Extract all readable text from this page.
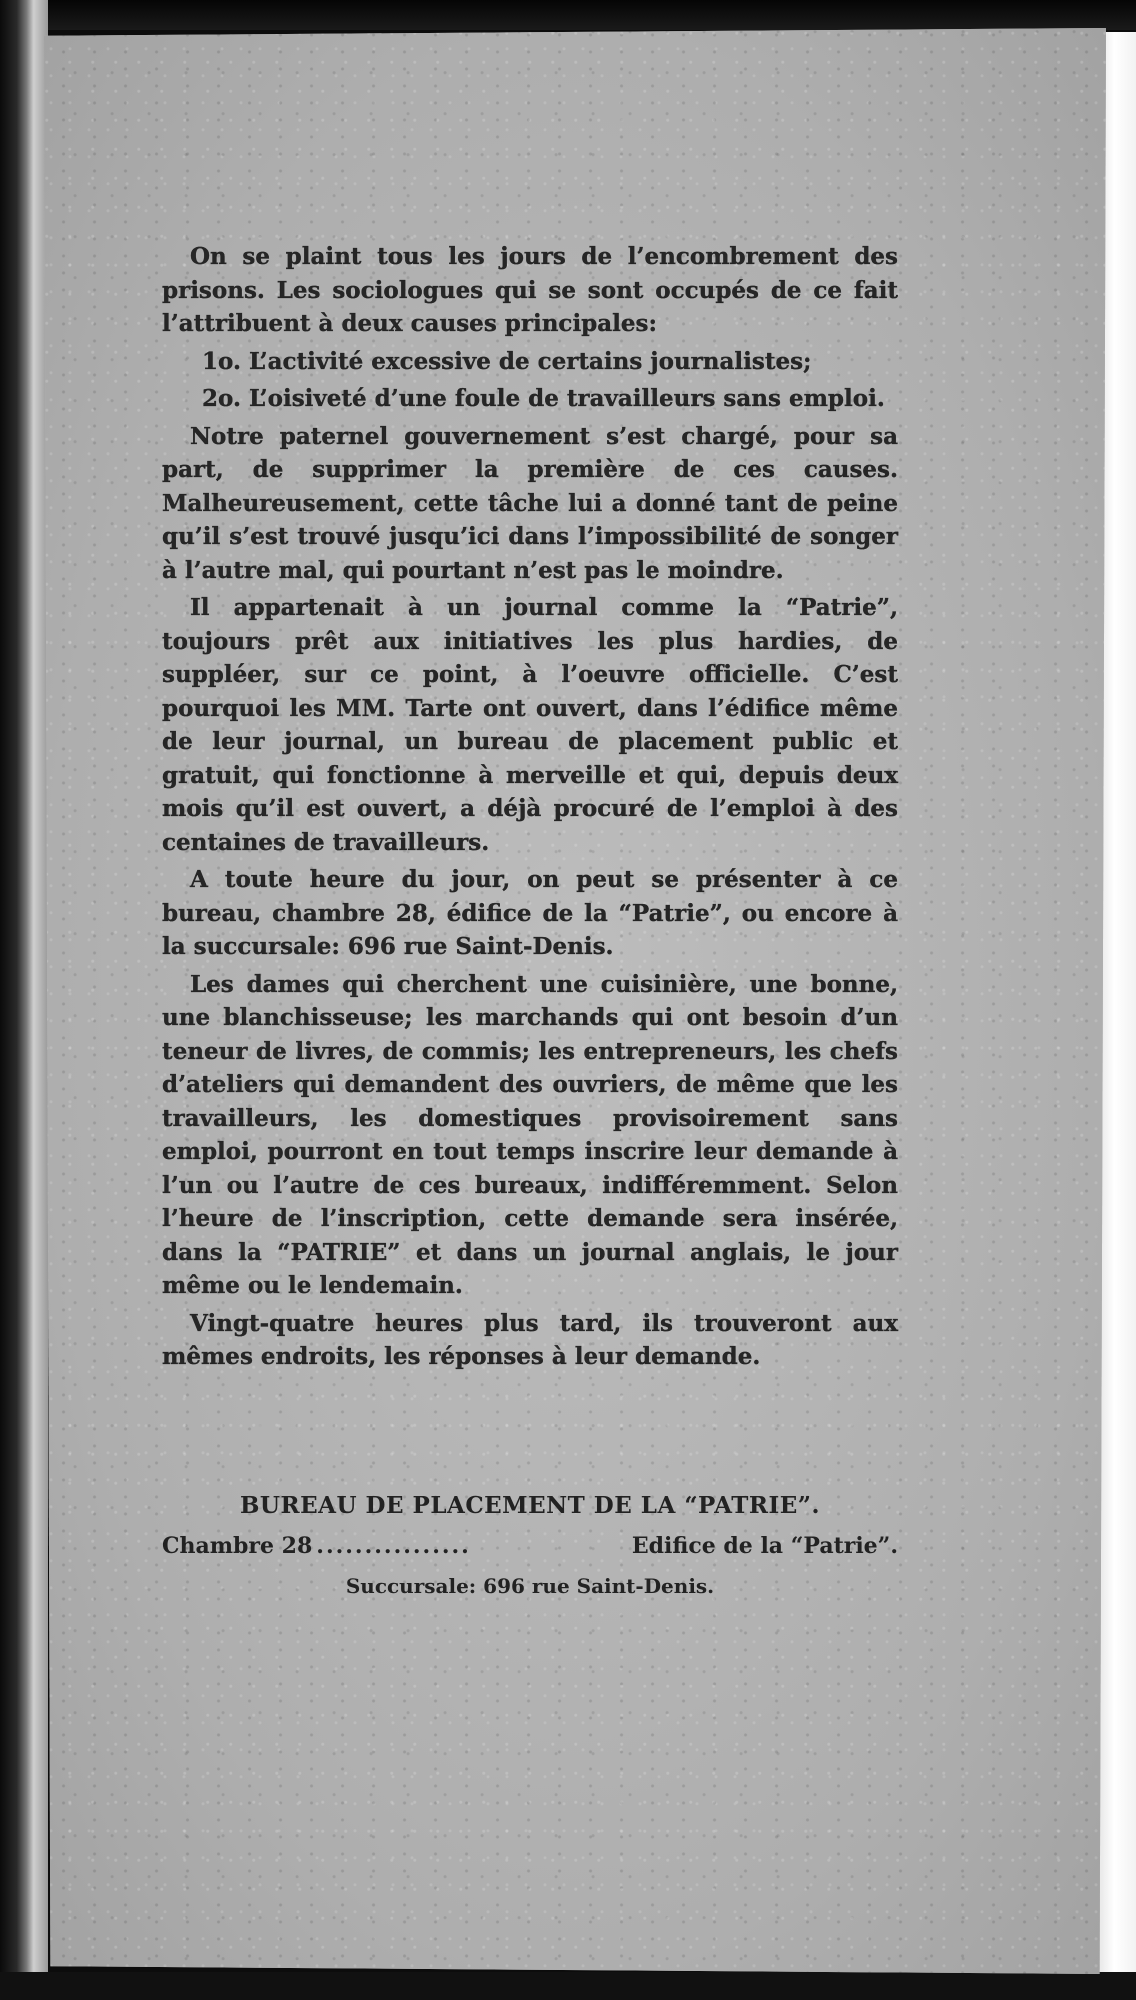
On se plaint tous les jours de l’encombrement des prisons. Les sociologues qui se sont occupés de ce fait l’attribuent à deux causes principales:

1o. L’activité excessive de certains journalistes;

2o. L’oisiveté d’une foule de travailleurs sans emploi.

Notre paternel gouvernement s’est chargé, pour sa part, de supprimer la première de ces causes. Malheureusement, cette tâche lui a donné tant de peine qu’il s’est trouvé jusqu’ici dans l’impossibilité de songer à l’autre mal, qui pourtant n’est pas le moindre.

Il appartenait à un journal comme la “Patrie”, toujours prêt aux initiatives les plus hardies, de suppléer, sur ce point, à l’oeuvre officielle. C’est pourquoi les MM. Tarte ont ouvert, dans l’édifice même de leur journal, un bureau de placement public et gratuit, qui fonctionne à merveille et qui, depuis deux mois qu’il est ouvert, a déjà procuré de l’emploi à des centaines de travailleurs.

A toute heure du jour, on peut se présenter à ce bureau, chambre 28, édifice de la “Patrie”, ou encore à la succursale: 696 rue Saint-Denis.

Les dames qui cherchent une cuisinière, une bonne, une blanchisseuse; les marchands qui ont besoin d’un teneur de livres, de commis; les entrepreneurs, les chefs d’ateliers qui demandent des ouvriers, de même que les travailleurs, les domestiques provisoirement sans emploi, pourront en tout temps inscrire leur demande à l’un ou l’autre de ces bureaux, indifféremment. Selon l’heure de l’inscription, cette demande sera insérée, dans la “PATRIE” et dans un journal anglais, le jour même ou le lendemain.

Vingt-quatre heures plus tard, ils trouveront aux mêmes endroits, les réponses à leur demande.

BUREAU DE PLACEMENT DE LA “PATRIE”.
Chambre 28 ................	Edifice de la “Patrie”.
Succursale: 696 rue Saint-Denis.
